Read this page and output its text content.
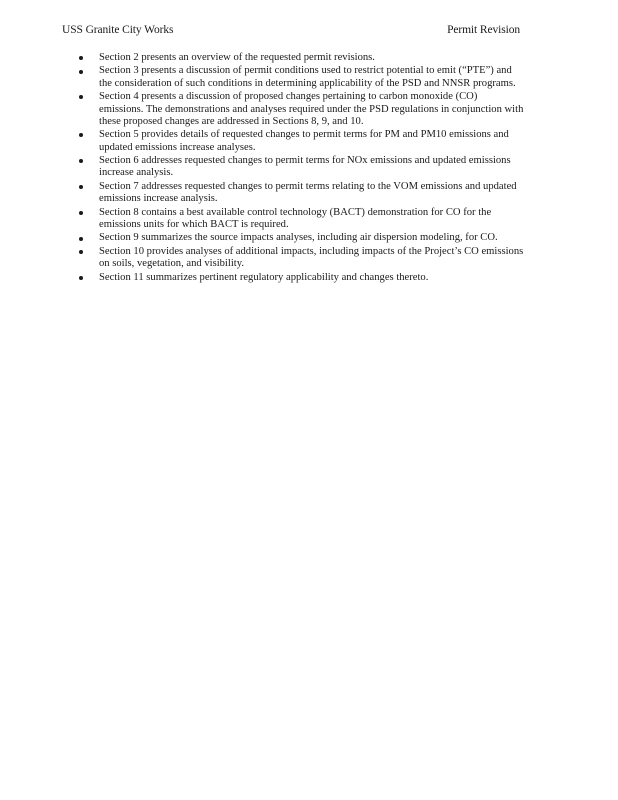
USS Granite City Works	Permit Revision
Section 2 presents an overview of the requested permit revisions.
Section 3 presents a discussion of permit conditions used to restrict potential to emit (“PTE”) and the consideration of such conditions in determining applicability of the PSD and NNSR programs.
Section 4 presents a discussion of proposed changes pertaining to carbon monoxide (CO) emissions. The demonstrations and analyses required under the PSD regulations in conjunction with these proposed changes are addressed in Sections 8, 9, and 10.
Section 5 provides details of requested changes to permit terms for PM and PM10 emissions and updated emissions increase analyses.
Section 6 addresses requested changes to permit terms for NOx emissions and updated emissions increase analysis.
Section 7 addresses requested changes to permit terms relating to the VOM emissions and updated emissions increase analysis.
Section 8 contains a best available control technology (BACT) demonstration for CO for the emissions units for which BACT is required.
Section 9 summarizes the source impacts analyses, including air dispersion modeling, for CO.
Section 10 provides analyses of additional impacts, including impacts of the Project’s CO emissions on soils, vegetation, and visibility.
Section 11 summarizes pertinent regulatory applicability and changes thereto.
